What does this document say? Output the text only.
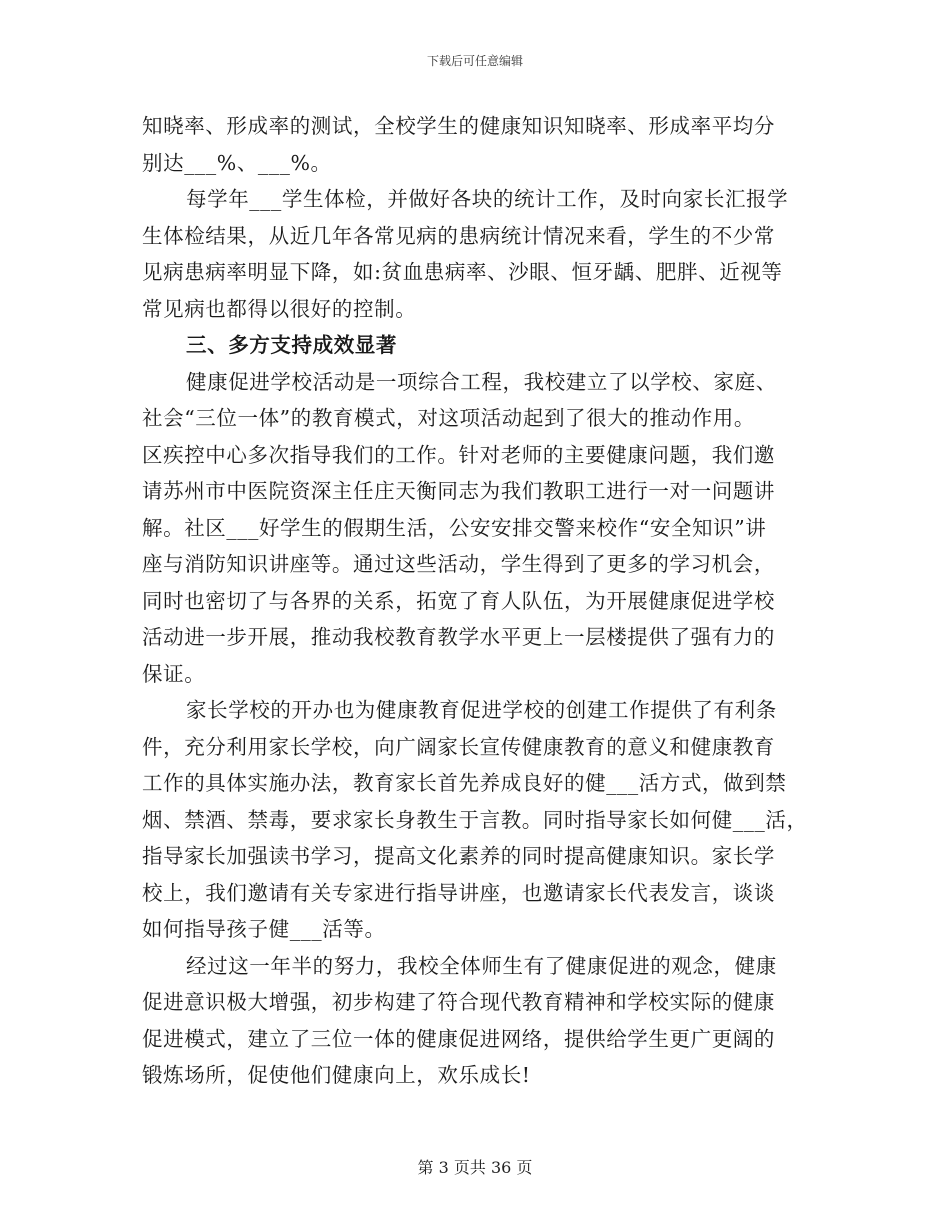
下载后可任意编辑
知晓率、形成率的测试，全校学生的健康知识知晓率、形成率平均分
别达___%、___%。
每学年___学生体检，并做好各块的统计工作，及时向家长汇报学
生体检结果，从近几年各常见病的患病统计情况来看，学生的不少常
见病患病率明显下降，如:贫血患病率、沙眼、恒牙龋、肥胖、近视等
常见病也都得以很好的控制。
三、多方支持成效显著
健康促进学校活动是一项综合工程，我校建立了以学校、家庭、
社会“三位一体”的教育模式，对这项活动起到了很大的推动作用。
区疾控中心多次指导我们的工作。针对老师的主要健康问题，我们邀
请苏州市中医院资深主任庄天衡同志为我们教职工进行一对一问题讲
解。社区___好学生的假期生活，公安安排交警来校作“安全知识”讲
座与消防知识讲座等。通过这些活动，学生得到了更多的学习机会，
同时也密切了与各界的关系，拓宽了育人队伍，为开展健康促进学校
活动进一步开展，推动我校教育教学水平更上一层楼提供了强有力的
保证。
家长学校的开办也为健康教育促进学校的创建工作提供了有利条
件，充分利用家长学校，向广阔家长宣传健康教育的意义和健康教育
工作的具体实施办法，教育家长首先养成良好的健___活方式，做到禁
烟、禁酒、禁毒，要求家长身教生于言教。同时指导家长如何健___活，
指导家长加强读书学习，提高文化素养的同时提高健康知识。家长学
校上，我们邀请有关专家进行指导讲座，也邀请家长代表发言，谈谈
如何指导孩子健___活等。
经过这一年半的努力，我校全体师生有了健康促进的观念，健康
促进意识极大增强，初步构建了符合现代教育精神和学校实际的健康
促进模式，建立了三位一体的健康促进网络，提供给学生更广更阔的
锻炼场所，促使他们健康向上，欢乐成长!
第 3 页共 36 页
